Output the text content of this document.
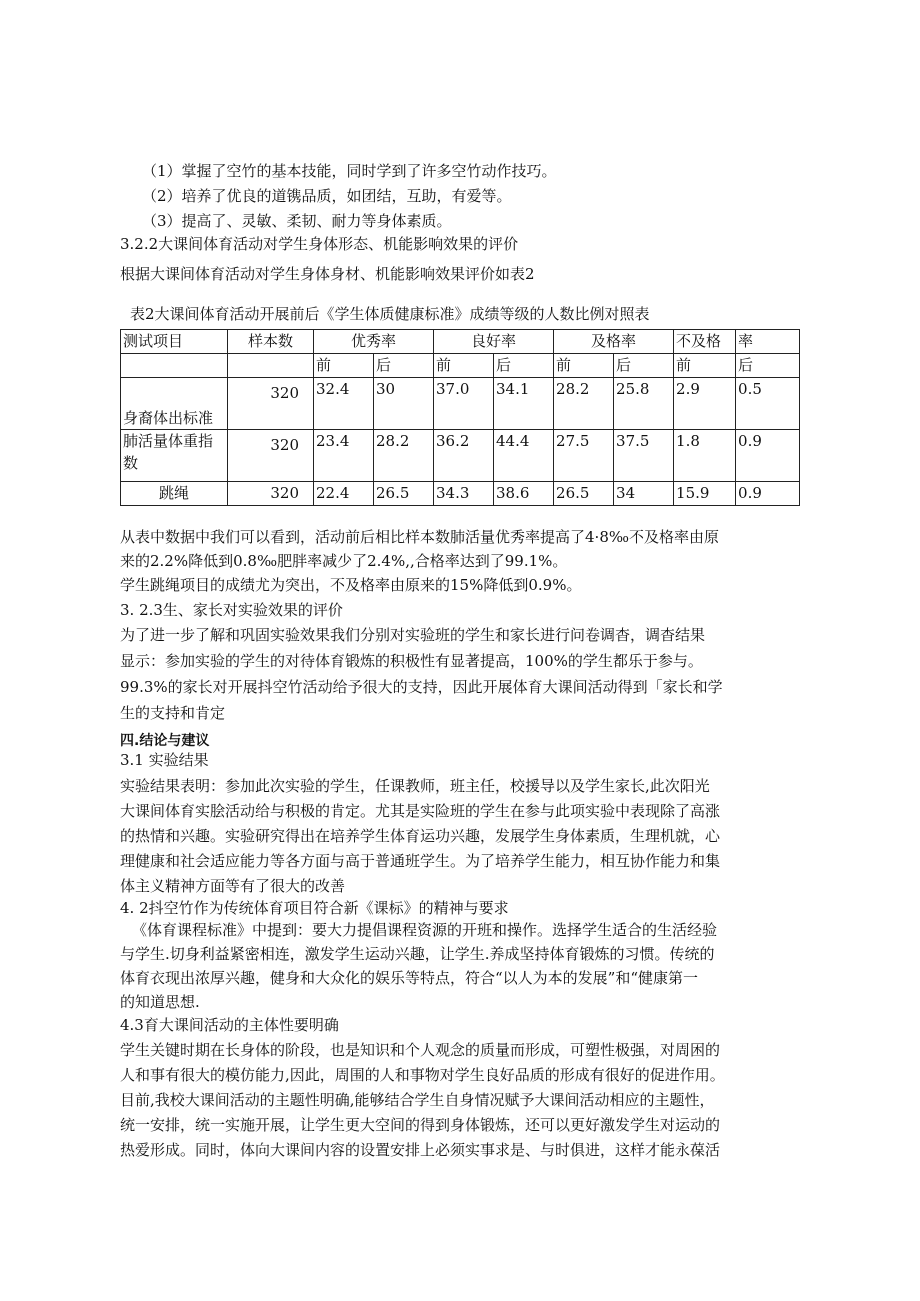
（1）掌握了空竹的基本技能，同时学到了许多空竹动作技巧。
（2）培养了优良的道镌品质，如团结，互助，有爱等。
（3）提高了、灵敏、柔韧、耐力等身体素质。
3.2.2大课间体育活动对学生身体形态、机能影响效果的评价
根据大课间体育活动对学生身体身材、机能影响效果评价如表2
表2大课间体育活动开展前后《学生体质健康标准》成绩等级的人数比例对照表
测试项目	样本数	优秀率		良好率		及格率		不及格	率
		前	后	前	后	前	后	前	后
身裔体出标准	320	32.4	30	37.0	34.1	28.2	25.8	2.9	0.5
肺活量体重指数	320	23.4	28.2	36.2	44.4	27.5	37.5	1.8	0.9
跳绳	320	22.4	26.5	34.3	38.6	26.5	34	15.9	0.9
从表中数据中我们可以看到，活动前后相比样本数肺活量优秀率提高了4·8‰不及格率由原
来的2.2%降低到0.8‰肥胖率减少了2.4%,,合格率达到了99.1%。
学生跳绳项目的成绩尤为突出，不及格率由原来的15%降低到0.9%。
3. 2.3生、家长对实验效果的评价
为了进一步了解和巩固实验效果我们分别对实验班的学生和家长进行问卷调杳，调杳结果
显示：参加实验的学生的对待体育锻炼的积极性有显著提高，100%的学生都乐于参与。
99.3%的家长对开展抖空竹活动给予很大的支持，因此开展体育大课间活动得到「家长和学
生的支持和肯定
四.结论与建议
3.1 实验结果
实验结果表明：参加此次实验的学生，任课教师，班主任，校援导以及学生家长,此次阳光
大课间体育实脍活动给与积极的肯定。尤其是实险班的学生在参与此项实验中表现除了高涨
的热情和兴趣。实验研究得出在培养学生体育运功兴趣，发展学生身体素质，生理机就，心
理健康和社会适应能力等各方面与高于普通班学生。为了培养学生能力，相互协作能力和集
体主义精神方面等有了很大的改善
4. 2抖空竹作为传统体育项目符合新《课标》的精神与要求
《体育课程标准》中提到：要大力提倡课程资源的开班和操作。选择学生适合的生活经验
与学生.切身利益紧密相连，激发学生运动兴趣，让学生.养成坚持体育锻炼的习惯。传统的
体育衣现出浓厚兴趣，健身和大众化的娱乐等特点，符合“以人为本的发展”和“健康第一
的知道思想.
4.3育大课间活动的主体性要明确
学生关键时期在长身体的阶段，也是知识和个人观念的质量而形成，可塑性极强，对周困的
人和事有很大的模仿能力,因此，周围的人和事物对学生良好品质的形成有很好的促进作用。
目前,我校大课间活动的主题性明确,能够结合学生自身情况赋予大课间活动相应的主题性，
统一安排，统一实施开展，让学生更大空间的得到身体锻炼，还可以更好激发学生对运动的
热爱形成。同时，体向大课间内容的设置安排上必须实事求是、与时俱进，这样才能永葆活
